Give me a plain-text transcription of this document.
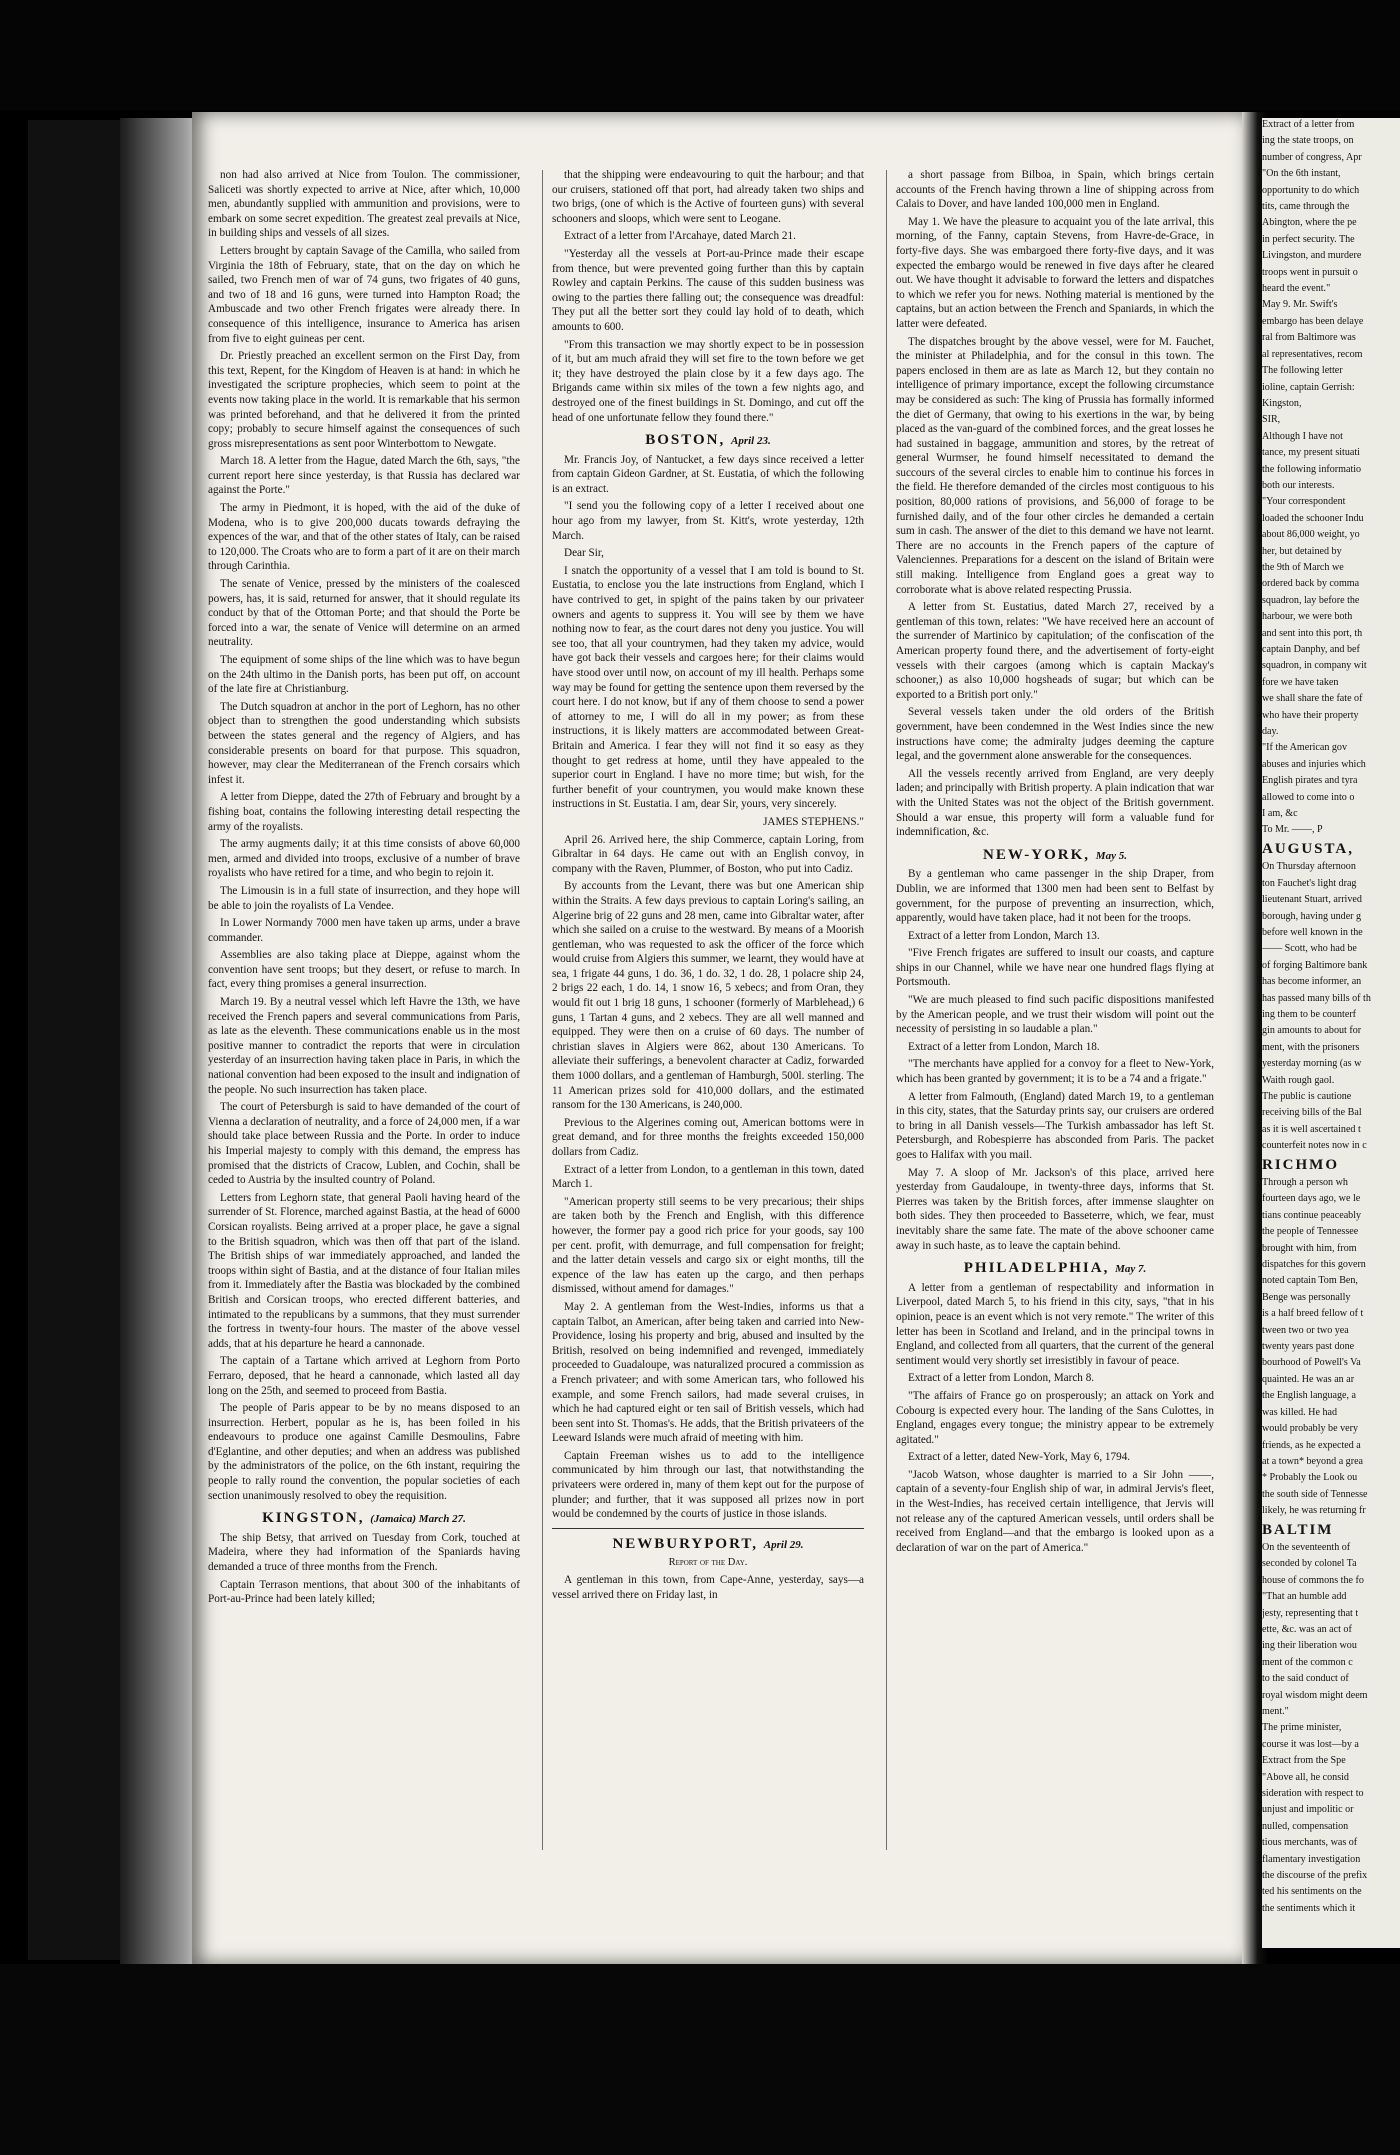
Extract of a letter from

ing the state troops, on

number of congress, Apr

"On the 6th instant,

opportunity to do which

tits, came through the

Abington, where the pe

in perfect security. The

Livingston, and murdere

troops went in pursuit o

heard the event."

May 9. Mr. Swift's

embargo has been delaye

ral from Baltimore was

al representatives, recom

The following letter

ioline, captain Gerrish:

Kingston,

SIR,

Although I have not

tance, my present situati

the following informatio

both our interests.

"Your correspondent

loaded the schooner Indu

about 86,000 weight, yo

her, but detained by

the 9th of March we

ordered back by comma

squadron, lay before the

harbour, we were both

and sent into this port, th

captain Danphy, and bef

squadron, in company wit

fore we have taken

we shall share the fate of

who have their property

day.

"If the American gov

abuses and injuries which

English pirates and tyra

allowed to come into o

I am, &c

To Mr. ——, P

AUGUSTA,

On Thursday afternoon

ton Fauchet's light drag

lieutenant Stuart, arrived

borough, having under g

before well known in the

—— Scott, who had be

of forging Baltimore bank

has become informer, an

has passed many bills of th

ing them to be counterf

gin amounts to about for

ment, with the prisoners

yesterday morning (as w

Waith rough gaol.

The public is cautione

receiving bills of the Bal

as it is well ascertained t

counterfeit notes now in c

RICHMO

Through a person wh

fourteen days ago, we le

tians continue peaceably

the people of Tennessee

brought with him, from

dispatches for this govern

noted captain Tom Ben,

Benge was personally

is a half breed fellow of t

tween two or two yea

twenty years past done

bourhood of Powell's Va

quainted. He was an ar

the English language, a

was killed. He had

would probably be very

friends, as he expected a

at a town* beyond a grea

* Probably the Look ou

the south side of Tennesse

likely, he was returning fr

BALTIM

On the seventeenth of

seconded by colonel Ta

house of commons the fo

"That an humble add

jesty, representing that t

ette, &c. was an act of

ing their liberation wou

ment of the common c

to the said conduct of

royal wisdom might deem

ment."

The prime minister,

course it was lost—by a

Extract from the Spe

"Above all, he consid

sideration with respect to

unjust and impolitic or

nulled, compensation

tious merchants, was of

flamentary investigation

the discourse of the prefix

ted his sentiments on the

the sentiments which it

non had also arrived at Nice from Toulon. The commissioner, Saliceti was shortly expected to arrive at Nice, after which, 10,000 men, abundantly supplied with ammunition and provisions, were to embark on some secret expedition. The greatest zeal prevails at Nice, in building ships and vessels of all sizes.

Letters brought by captain Savage of the Camilla, who sailed from Virginia the 18th of February, state, that on the day on which he sailed, two French men of war of 74 guns, two frigates of 40 guns, and two of 18 and 16 guns, were turned into Hampton Road; the Ambuscade and two other French frigates were already there. In consequence of this intelligence, insurance to America has arisen from five to eight guineas per cent.

Dr. Priestly preached an excellent sermon on the First Day, from this text, Repent, for the Kingdom of Heaven is at hand: in which he investigated the scripture prophecies, which seem to point at the events now taking place in the world. It is remarkable that his sermon was printed beforehand, and that he delivered it from the printed copy; probably to secure himself against the consequences of such gross misrepresentations as sent poor Winterbottom to Newgate.

March 18. A letter from the Hague, dated March the 6th, says, "the current report here since yesterday, is that Russia has declared war against the Porte."

The army in Piedmont, it is hoped, with the aid of the duke of Modena, who is to give 200,000 ducats towards defraying the expences of the war, and that of the other states of Italy, can be raised to 120,000. The Croats who are to form a part of it are on their march through Carinthia.

The senate of Venice, pressed by the ministers of the coalesced powers, has, it is said, returned for answer, that it should regulate its conduct by that of the Ottoman Porte; and that should the Porte be forced into a war, the senate of Venice will determine on an armed neutrality.

The equipment of some ships of the line which was to have begun on the 24th ultimo in the Danish ports, has been put off, on account of the late fire at Christianburg.

The Dutch squadron at anchor in the port of Leghorn, has no other object than to strengthen the good understanding which subsists between the states general and the regency of Algiers, and has considerable presents on board for that purpose. This squadron, however, may clear the Mediterranean of the French corsairs which infest it.

A letter from Dieppe, dated the 27th of February and brought by a fishing boat, contains the following interesting detail respecting the army of the royalists.

The army augments daily; it at this time consists of above 60,000 men, armed and divided into troops, exclusive of a number of brave royalists who have retired for a time, and who begin to rejoin it.

The Limousin is in a full state of insurrection, and they hope will be able to join the royalists of La Vendee.

In Lower Normandy 7000 men have taken up arms, under a brave commander.

Assemblies are also taking place at Dieppe, against whom the convention have sent troops; but they desert, or refuse to march. In fact, every thing promises a general insurrection.

March 19. By a neutral vessel which left Havre the 13th, we have received the French papers and several communications from Paris, as late as the eleventh. These communications enable us in the most positive manner to contradict the reports that were in circulation yesterday of an insurrection having taken place in Paris, in which the national convention had been exposed to the insult and indignation of the people. No such insurrection has taken place.

The court of Petersburgh is said to have demanded of the court of Vienna a declaration of neutrality, and a force of 24,000 men, if a war should take place between Russia and the Porte. In order to induce his Imperial majesty to comply with this demand, the empress has promised that the districts of Cracow, Lublen, and Cochin, shall be ceded to Austria by the insulted country of Poland.

Letters from Leghorn state, that general Paoli having heard of the surrender of St. Florence, marched against Bastia, at the head of 6000 Corsican royalists. Being arrived at a proper place, he gave a signal to the British squadron, which was then off that part of the island. The British ships of war immediately approached, and landed the troops within sight of Bastia, and at the distance of four Italian miles from it. Immediately after the Bastia was blockaded by the combined British and Corsican troops, who erected different batteries, and intimated to the republicans by a summons, that they must surrender the fortress in twenty-four hours. The master of the above vessel adds, that at his departure he heard a cannonade.

The captain of a Tartane which arrived at Leghorn from Porto Ferraro, deposed, that he heard a cannonade, which lasted all day long on the 25th, and seemed to proceed from Bastia.

The people of Paris appear to be by no means disposed to an insurrection. Herbert, popular as he is, has been foiled in his endeavours to produce one against Camille Desmoulins, Fabre d'Eglantine, and other deputies; and when an address was published by the administrators of the police, on the 6th instant, requiring the people to rally round the convention, the popular societies of each section unanimously resolved to obey the requisition.

KINGSTON, (Jamaica) March 27.

The ship Betsy, that arrived on Tuesday from Cork, touched at Madeira, where they had information of the Spaniards having demanded a truce of three months from the French.

Captain Terrason mentions, that about 300 of the inhabitants of Port-au-Prince had been lately killed;

that the shipping were endeavouring to quit the harbour; and that our cruisers, stationed off that port, had already taken two ships and two brigs, (one of which is the Active of fourteen guns) with several schooners and sloops, which were sent to Leogane.

Extract of a letter from l'Arcahaye, dated March 21.

"Yesterday all the vessels at Port-au-Prince made their escape from thence, but were prevented going further than this by captain Rowley and captain Perkins. The cause of this sudden business was owing to the parties there falling out; the consequence was dreadful: They put all the better sort they could lay hold of to death, which amounts to 600.

"From this transaction we may shortly expect to be in possession of it, but am much afraid they will set fire to the town before we get it; they have destroyed the plain close by it a few days ago. The Brigands came within six miles of the town a few nights ago, and destroyed one of the finest buildings in St. Domingo, and cut off the head of one unfortunate fellow they found there."

BOSTON, April 23.

Mr. Francis Joy, of Nantucket, a few days since received a letter from captain Gideon Gardner, at St. Eustatia, of which the following is an extract.

"I send you the following copy of a letter I received about one hour ago from my lawyer, from St. Kitt's, wrote yesterday, 12th March.

Dear Sir,

I snatch the opportunity of a vessel that I am told is bound to St. Eustatia, to enclose you the late instructions from England, which I have contrived to get, in spight of the pains taken by our privateer owners and agents to suppress it. You will see by them we have nothing now to fear, as the court dares not deny you justice. You will see too, that all your countrymen, had they taken my advice, would have got back their vessels and cargoes here; for their claims would have stood over until now, on account of my ill health. Perhaps some way may be found for getting the sentence upon them reversed by the court here. I do not know, but if any of them choose to send a power of attorney to me, I will do all in my power; as from these instructions, it is likely matters are accommodated between Great-Britain and America. I fear they will not find it so easy as they thought to get redress at home, until they have appealed to the superior court in England. I have no more time; but wish, for the further benefit of your countrymen, you would make known these instructions in St. Eustatia. I am, dear Sir, yours, very sincerely.

JAMES STEPHENS."

April 26. Arrived here, the ship Commerce, captain Loring, from Gibraltar in 64 days. He came out with an English convoy, in company with the Raven, Plummer, of Boston, who put into Cadiz.

By accounts from the Levant, there was but one American ship within the Straits. A few days previous to captain Loring's sailing, an Algerine brig of 22 guns and 28 men, came into Gibraltar water, after which she sailed on a cruise to the westward. By means of a Moorish gentleman, who was requested to ask the officer of the force which would cruise from Algiers this summer, we learnt, they would have at sea, 1 frigate 44 guns, 1 do. 36, 1 do. 32, 1 do. 28, 1 polacre ship 24, 2 brigs 22 each, 1 do. 14, 1 snow 16, 5 xebecs; and from Oran, they would fit out 1 brig 18 guns, 1 schooner (formerly of Marblehead,) 6 guns, 1 Tartan 4 guns, and 2 xebecs. They are all well manned and equipped. They were then on a cruise of 60 days. The number of christian slaves in Algiers were 862, about 130 Americans. To alleviate their sufferings, a benevolent character at Cadiz, forwarded them 1000 dollars, and a gentleman of Hamburgh, 500l. sterling. The 11 American prizes sold for 410,000 dollars, and the estimated ransom for the 130 Americans, is 240,000.

Previous to the Algerines coming out, American bottoms were in great demand, and for three months the freights exceeded 150,000 dollars from Cadiz.

Extract of a letter from London, to a gentleman in this town, dated March 1.

"American property still seems to be very precarious; their ships are taken both by the French and English, with this difference however, the former pay a good rich price for your goods, say 100 per cent. profit, with demurrage, and full compensation for freight; and the latter detain vessels and cargo six or eight months, till the expence of the law has eaten up the cargo, and then perhaps dismissed, without amend for damages."

May 2. A gentleman from the West-Indies, informs us that a captain Talbot, an American, after being taken and carried into New-Providence, losing his property and brig, abused and insulted by the British, resolved on being indemnified and revenged, immediately proceeded to Guadaloupe, was naturalized procured a commission as a French privateer; and with some American tars, who followed his example, and some French sailors, had made several cruises, in which he had captured eight or ten sail of British vessels, which had been sent into St. Thomas's. He adds, that the British privateers of the Leeward Islands were much afraid of meeting with him.

Captain Freeman wishes us to add to the intelligence communicated by him through our last, that notwithstanding the privateers were ordered in, many of them kept out for the purpose of plunder; and further, that it was supposed all prizes now in port would be condemned by the courts of justice in those islands.

NEWBURYPORT, April 29.

Report of the Day.

A gentleman in this town, from Cape-Anne, yesterday, says—a vessel arrived there on Friday last, in

a short passage from Bilboa, in Spain, which brings certain accounts of the French having thrown a line of shipping across from Calais to Dover, and have landed 100,000 men in England.

May 1. We have the pleasure to acquaint you of the late arrival, this morning, of the Fanny, captain Stevens, from Havre-de-Grace, in forty-five days. She was embargoed there forty-five days, and it was expected the embargo would be renewed in five days after he cleared out. We have thought it advisable to forward the letters and dispatches to which we refer you for news. Nothing material is mentioned by the captains, but an action between the French and Spaniards, in which the latter were defeated.

The dispatches brought by the above vessel, were for M. Fauchet, the minister at Philadelphia, and for the consul in this town. The papers enclosed in them are as late as March 12, but they contain no intelligence of primary importance, except the following circumstance may be considered as such: The king of Prussia has formally informed the diet of Germany, that owing to his exertions in the war, by being placed as the van-guard of the combined forces, and the great losses he had sustained in baggage, ammunition and stores, by the retreat of general Wurmser, he found himself necessitated to demand the succours of the several circles to enable him to continue his forces in the field. He therefore demanded of the circles most contiguous to his position, 80,000 rations of provisions, and 56,000 of forage to be furnished daily, and of the four other circles he demanded a certain sum in cash. The answer of the diet to this demand we have not learnt. There are no accounts in the French papers of the capture of Valenciennes. Preparations for a descent on the island of Britain were still making. Intelligence from England goes a great way to corroborate what is above related respecting Prussia.

A letter from St. Eustatius, dated March 27, received by a gentleman of this town, relates: "We have received here an account of the surrender of Martinico by capitulation; of the confiscation of the American property found there, and the advertisement of forty-eight vessels with their cargoes (among which is captain Mackay's schooner,) as also 10,000 hogsheads of sugar; but which can be exported to a British port only."

Several vessels taken under the old orders of the British government, have been condemned in the West Indies since the new instructions have come; the admiralty judges deeming the capture legal, and the government alone answerable for the consequences.

All the vessels recently arrived from England, are very deeply laden; and principally with British property. A plain indication that war with the United States was not the object of the British government. Should a war ensue, this property will form a valuable fund for indemnification, &c.

NEW-YORK, May 5.

By a gentleman who came passenger in the ship Draper, from Dublin, we are informed that 1300 men had been sent to Belfast by government, for the purpose of preventing an insurrection, which, apparently, would have taken place, had it not been for the troops.

Extract of a letter from London, March 13.

"Five French frigates are suffered to insult our coasts, and capture ships in our Channel, while we have near one hundred flags flying at Portsmouth.

"We are much pleased to find such pacific dispositions manifested by the American people, and we trust their wisdom will point out the necessity of persisting in so laudable a plan."

Extract of a letter from London, March 18.

"The merchants have applied for a convoy for a fleet to New-York, which has been granted by government; it is to be a 74 and a frigate."

A letter from Falmouth, (England) dated March 19, to a gentleman in this city, states, that the Saturday prints say, our cruisers are ordered to bring in all Danish vessels—The Turkish ambassador has left St. Petersburgh, and Robespierre has absconded from Paris. The packet goes to Halifax with you mail.

May 7. A sloop of Mr. Jackson's of this place, arrived here yesterday from Gaudaloupe, in twenty-three days, informs that St. Pierres was taken by the British forces, after immense slaughter on both sides. They then proceeded to Basseterre, which, we fear, must inevitably share the same fate. The mate of the above schooner came away in such haste, as to leave the captain behind.

PHILADELPHIA, May 7.

A letter from a gentleman of respectability and information in Liverpool, dated March 5, to his friend in this city, says, "that in his opinion, peace is an event which is not very remote." The writer of this letter has been in Scotland and Ireland, and in the principal towns in England, and collected from all quarters, that the current of the general sentiment would very shortly set irresistibly in favour of peace.

Extract of a letter from London, March 8.

"The affairs of France go on prosperously; an attack on York and Cobourg is expected every hour. The landing of the Sans Culottes, in England, engages every tongue; the ministry appear to be extremely agitated."

Extract of a letter, dated New-York, May 6, 1794.

"Jacob Watson, whose daughter is married to a Sir John ——, captain of a seventy-four English ship of war, in admiral Jervis's fleet, in the West-Indies, has received certain intelligence, that Jervis will not release any of the captured American vessels, until orders shall be received from England—and that the embargo is looked upon as a declaration of war on the part of America."
